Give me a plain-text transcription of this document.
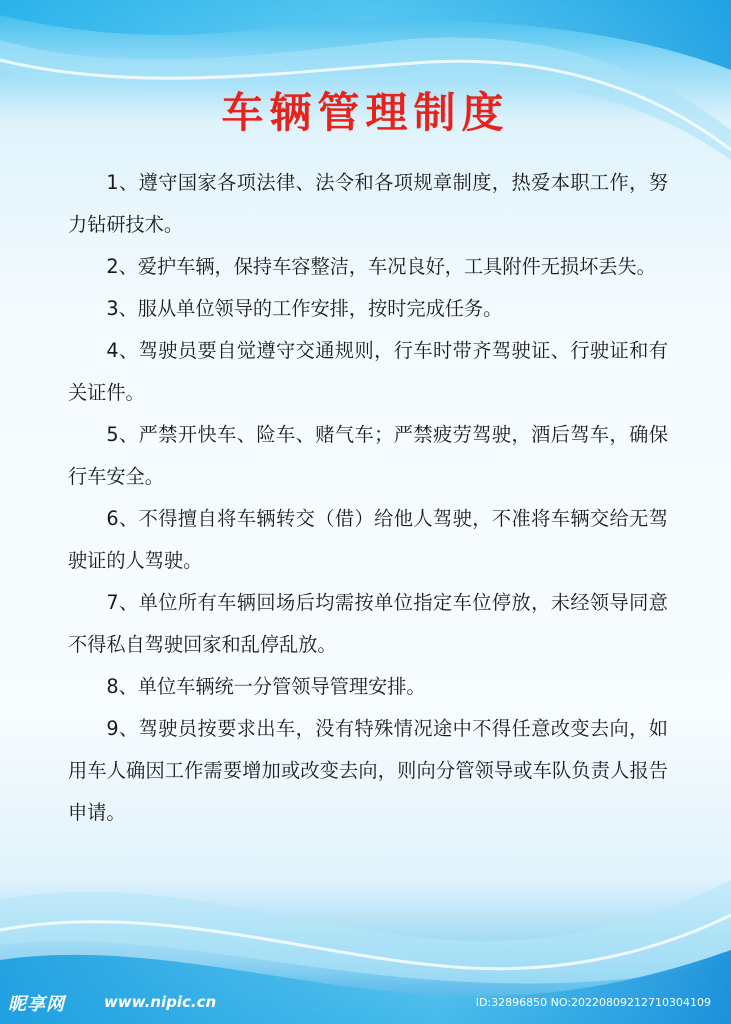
车辆管理制度

1、遵守国家各项法律、法令和各项规章制度，热爱本职工作，努力钻研技术。

2、爱护车辆，保持车容整洁，车况良好，工具附件无损坏丢失。

3、服从单位领导的工作安排，按时完成任务。

4、驾驶员要自觉遵守交通规则，行车时带齐驾驶证、行驶证和有关证件。

5、严禁开快车、险车、赌气车；严禁疲劳驾驶，酒后驾车，确保行车安全。

6、不得擅自将车辆转交（借）给他人驾驶，不准将车辆交给无驾驶证的人驾驶。

7、单位所有车辆回场后均需按单位指定车位停放，未经领导同意不得私自驾驶回家和乱停乱放。

8、单位车辆统一分管领导管理安排。

9、驾驶员按要求出车，没有特殊情况途中不得任意改变去向，如用车人确因工作需要增加或改变去向，则向分管领导或车队负责人报告申请。

昵享网	www.nipic.cn	ID:32896850 NO:20220809212710304109
